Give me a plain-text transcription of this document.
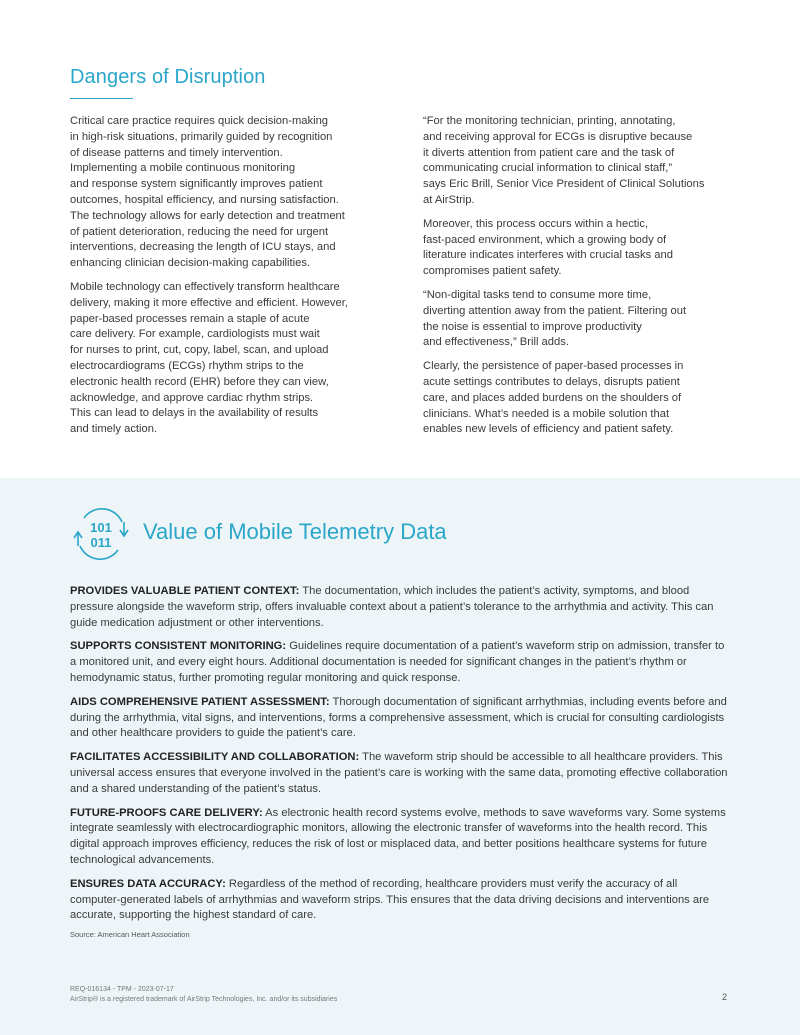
Dangers of Disruption

Critical care practice requires quick decision-making
in high-risk situations, primarily guided by recognition
of disease patterns and timely intervention.
Implementing a mobile continuous monitoring
and response system significantly improves patient
outcomes, hospital efficiency, and nursing satisfaction.
The technology allows for early detection and treatment
of patient deterioration, reducing the need for urgent
interventions, decreasing the length of ICU stays, and
enhancing clinician decision-making capabilities.

Mobile technology can effectively transform healthcare
delivery, making it more effective and efficient. However,
paper-based processes remain a staple of acute
care delivery. For example, cardiologists must wait
for nurses to print, cut, copy, label, scan, and upload
electrocardiograms (ECGs) rhythm strips to the
electronic health record (EHR) before they can view,
acknowledge, and approve cardiac rhythm strips.
This can lead to delays in the availability of results
and timely action.

“For the monitoring technician, printing, annotating,
and receiving approval for ECGs is disruptive because
it diverts attention from patient care and the task of
communicating crucial information to clinical staff,”
says Eric Brill, Senior Vice President of Clinical Solutions
at AirStrip.

Moreover, this process occurs within a hectic,
fast-paced environment, which a growing body of
literature indicates interferes with crucial tasks and
compromises patient safety.

“Non-digital tasks tend to consume more time,
diverting attention away from the patient. Filtering out
the noise is essential to improve productivity
and effectiveness,” Brill adds.

Clearly, the persistence of paper-based processes in
acute settings contributes to delays, disrupts patient
care, and places added burdens on the shoulders of
clinicians. What’s needed is a mobile solution that
enables new levels of efficiency and patient safety.

101
011 Value of Mobile Telemetry Data

PROVIDES VALUABLE PATIENT CONTEXT: The documentation, which includes the patient’s activity, symptoms, and blood pressure alongside the waveform strip, offers invaluable context about a patient’s tolerance to the arrhythmia and activity. This can guide medication adjustment or other interventions.

SUPPORTS CONSISTENT MONITORING: Guidelines require documentation of a patient’s waveform strip on admission, transfer to a monitored unit, and every eight hours. Additional documentation is needed for significant changes in the patient’s rhythm or hemodynamic status, further promoting regular monitoring and quick response.

AIDS COMPREHENSIVE PATIENT ASSESSMENT: Thorough documentation of significant arrhythmias, including events before and during the arrhythmia, vital signs, and interventions, forms a comprehensive assessment, which is crucial for consulting cardiologists and other healthcare providers to guide the patient’s care.

FACILITATES ACCESSIBILITY AND COLLABORATION: The waveform strip should be accessible to all healthcare providers. This universal access ensures that everyone involved in the patient’s care is working with the same data, promoting effective collaboration and a shared understanding of the patient’s status.

FUTURE-PROOFS CARE DELIVERY: As electronic health record systems evolve, methods to save waveforms vary. Some systems integrate seamlessly with electrocardiographic monitors, allowing the electronic transfer of waveforms into the health record. This digital approach improves efficiency, reduces the risk of lost or misplaced data, and better positions healthcare systems for future technological advancements.

ENSURES DATA ACCURACY: Regardless of the method of recording, healthcare providers must verify the accuracy of all computer-generated labels of arrhythmias and waveform strips. This ensures that the data driving decisions and interventions are accurate, supporting the highest standard of care.

Source: American Heart Association
REQ-016134 - TPM - 2023-07-17
AirStrip® is a registered trademark of AirStrip Technologies, Inc. and/or its subsidiaries	2
